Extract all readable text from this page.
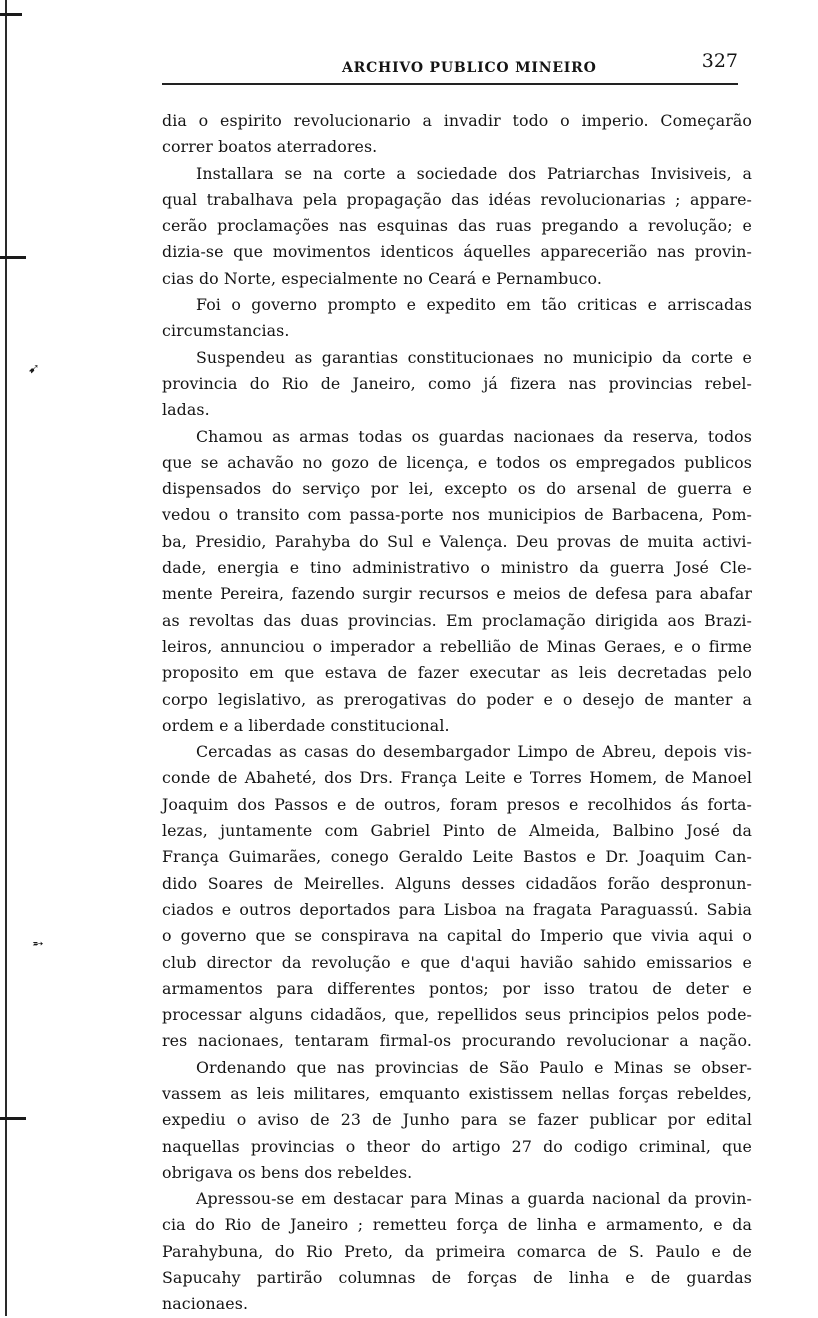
➹
➵
ARCHIVO PUBLICO MINEIRO	327
dia o espirito revolucionario a invadir todo o imperio. Começarão
correr boatos aterradores.
Installara se na corte a sociedade dos Patriarchas Invisiveis, a
qual trabalhava pela propagação das idéas revolucionarias ; appare-
cerão proclamações nas esquinas das ruas pregando a revolução; e
dizia-se que movimentos identicos áquelles apparecerião nas provin-
cias do Norte, especialmente no Ceará e Pernambuco.
Foi o governo prompto e expedito em tão criticas e arriscadas
circumstancias.
Suspendeu as garantias constitucionaes no municipio da corte e
provincia do Rio de Janeiro, como já fizera nas provincias rebel-
ladas.
Chamou as armas todas os guardas nacionaes da reserva, todos
que se achavão no gozo de licença, e todos os empregados publicos
dispensados do serviço por lei, excepto os do arsenal de guerra e
vedou o transito com passa-porte nos municipios de Barbacena, Pom-
ba, Presidio, Parahyba do Sul e Valença. Deu provas de muita activi-
dade, energia e tino administrativo o ministro da guerra José Cle-
mente Pereira, fazendo surgir recursos e meios de defesa para abafar
as revoltas das duas provincias. Em proclamação dirigida aos Brazi-
leiros, annunciou o imperador a rebellião de Minas Geraes, e o firme
proposito em que estava de fazer executar as leis decretadas pelo
corpo legislativo, as prerogativas do poder e o desejo de manter a
ordem e a liberdade constitucional.
Cercadas as casas do desembargador Limpo de Abreu, depois vis-
conde de Abaheté, dos Drs. França Leite e Torres Homem, de Manoel
Joaquim dos Passos e de outros, foram presos e recolhidos ás forta-
lezas, juntamente com Gabriel Pinto de Almeida, Balbino José da
França Guimarães, conego Geraldo Leite Bastos e Dr. Joaquim Can-
dido Soares de Meirelles. Alguns desses cidadãos forão despronun-
ciados e outros deportados para Lisboa na fragata Paraguassú. Sabia
o governo que se conspirava na capital do Imperio que vivia aqui o
club director da revolução e que d'aqui havião sahido emissarios e
armamentos para differentes pontos; por isso tratou de deter e
processar alguns cidadãos, que, repellidos seus principios pelos pode-
res nacionaes, tentaram firmal-os procurando revolucionar a nação.
Ordenando que nas provincias de São Paulo e Minas se obser-
vassem as leis militares, emquanto existissem nellas forças rebeldes,
expediu o aviso de 23 de Junho para se fazer publicar por edital
naquellas provincias o theor do artigo 27 do codigo criminal, que
obrigava os bens dos rebeldes.
Apressou-se em destacar para Minas a guarda nacional da provin-
cia do Rio de Janeiro ; remetteu força de linha e armamento, e da
Parahybuna, do Rio Preto, da primeira comarca de S. Paulo e de
Sapucahy partirão columnas de forças de linha e de guardas
nacionaes.
